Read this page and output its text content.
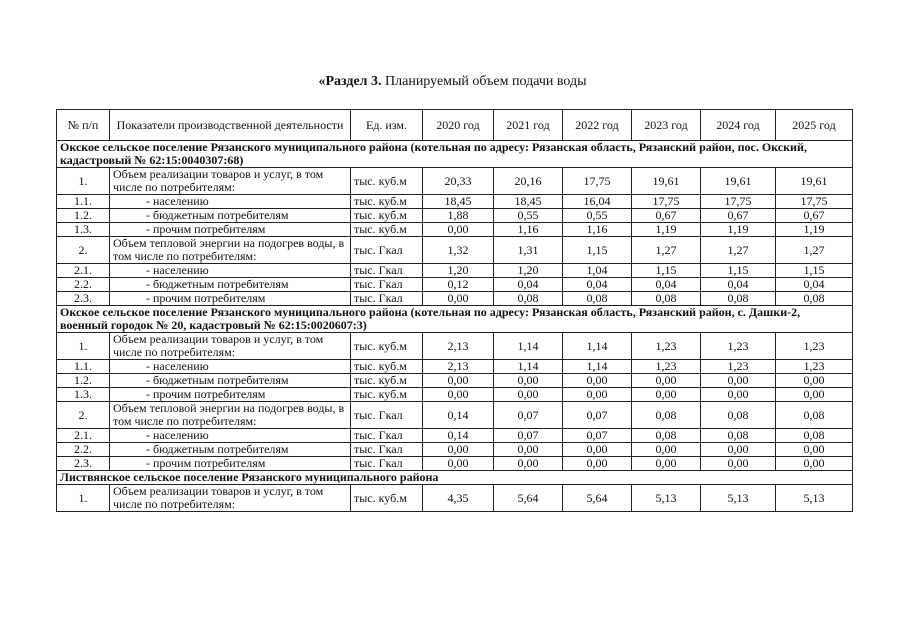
«Раздел 3. Планируемый объем подачи воды
№ п/п	Показатели производственной деятельности	Ед. изм.	2020 год	2021 год	2022 год	2023 год	2024 год	2025 год
Окское сельское поселение Рязанского муниципального района (котельная по адресу: Рязанская область, Рязанский район, пос. Окский, кадастровый № 62:15:0040307:68)								
1.	Объем реализации товаров и услуг, в том числе по потребителям:	тыс. куб.м	20,33	20,16	17,75	19,61	19,61	19,61
1.1.	- населению	тыс. куб.м	18,45	18,45	16,04	17,75	17,75	17,75
1.2.	- бюджетным потребителям	тыс. куб.м	1,88	0,55	0,55	0,67	0,67	0,67
1.3.	- прочим потребителям	тыс. куб.м	0,00	1,16	1,16	1,19	1,19	1,19
2.	Объем тепловой энергии на подогрев воды, в том числе по потребителям:	тыс. Гкал	1,32	1,31	1,15	1,27	1,27	1,27
2.1.	- населению	тыс. Гкал	1,20	1,20	1,04	1,15	1,15	1,15
2.2.	- бюджетным потребителям	тыс. Гкал	0,12	0,04	0,04	0,04	0,04	0,04
2.3.	- прочим потребителям	тыс. Гкал	0,00	0,08	0,08	0,08	0,08	0,08
Окское сельское поселение Рязанского муниципального района (котельная по адресу: Рязанская область, Рязанский район, с. Дашки-2, военный городок № 20, кадастровый № 62:15:0020607:3)								
1.	Объем реализации товаров и услуг, в том числе по потребителям:	тыс. куб.м	2,13	1,14	1,14	1,23	1,23	1,23
1.1.	- населению	тыс. куб.м	2,13	1,14	1,14	1,23	1,23	1,23
1.2.	- бюджетным потребителям	тыс. куб.м	0,00	0,00	0,00	0,00	0,00	0,00
1.3.	- прочим потребителям	тыс. куб.м	0,00	0,00	0,00	0,00	0,00	0,00
2.	Объем тепловой энергии на подогрев воды, в том числе по потребителям:	тыс. Гкал	0,14	0,07	0,07	0,08	0,08	0,08
2.1.	- населению	тыс. Гкал	0,14	0,07	0,07	0,08	0,08	0,08
2.2.	- бюджетным потребителям	тыс. Гкал	0,00	0,00	0,00	0,00	0,00	0,00
2.3.	- прочим потребителям	тыс. Гкал	0,00	0,00	0,00	0,00	0,00	0,00
Листвянское сельское поселение Рязанского муниципального района								
1.	Объем реализации товаров и услуг, в том числе по потребителям:	тыс. куб.м	4,35	5,64	5,64	5,13	5,13	5,13
